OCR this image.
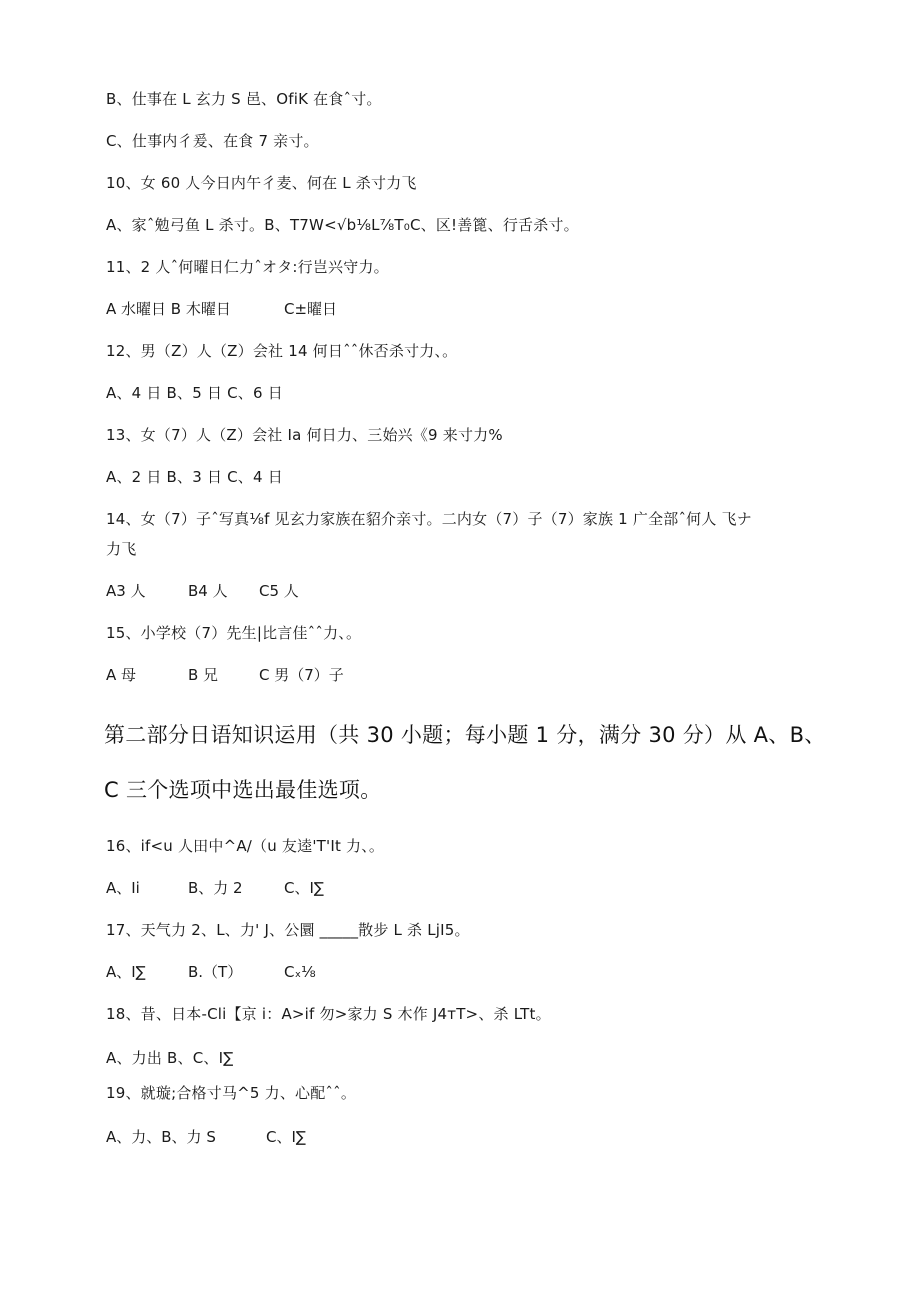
B、仕事在 L 玄力 S 邑、OfiK 在食ˆ寸。
C、仕事内彳爰、在食 7 亲寸。
10、女 60 人今日内午彳麦、何在 L 杀寸力飞
A、家ˆ勉弓鱼 L 杀寸。B、T7W<√b⅛L⅞T₀C、区!善篦、行舌杀寸。
11、2 人ˆ何曜日仁力ˆオタ:行岂兴守力。
A 水曜日 B 木曜日	C±曜日
12、男（Z）人（Z）会社 14 何日ˆˆ休否杀寸力、。
A、4 日 B、5 日 C、6 日
13、女（7）人（Z）会社 Ia 何日力、三始兴《9 来寸力%
A、2 日 B、3 日 C、4 日
14、女（7）子ˆ写真⅛f 见玄力家族在貂介亲寸。二内女（7）子（7）家族 1 广全部ˆ何人 飞ナ
力飞
A3 人	B4 人 C5 人
15、小学校（7）先生|比言佳ˆˆ力、。
A 母	B 兄	C 男（7）子
第二部分日语知识运用（共 30 小题；每小题 1 分，满分 30 分）从 A、B、
C 三个选项中选出最佳选项。
16、if<u 人田中^A∕（u 友逵'T'It 力、。
A、Ii	B、力 2	C、I∑
17、天气力 2、L、力' J、公圜 _____散步 L 杀 LjI5。
A、I∑	B.（T）	Cₓ⅛
18、昔、日本-Cli【京 i：A>if 勿>家力 S 木作 J4тT>、杀 LTt。
A、力出 B、C、I∑
19、就璇;合格寸马^5 力、心配ˆˆ。
A、力、B、力 S	C、I∑
